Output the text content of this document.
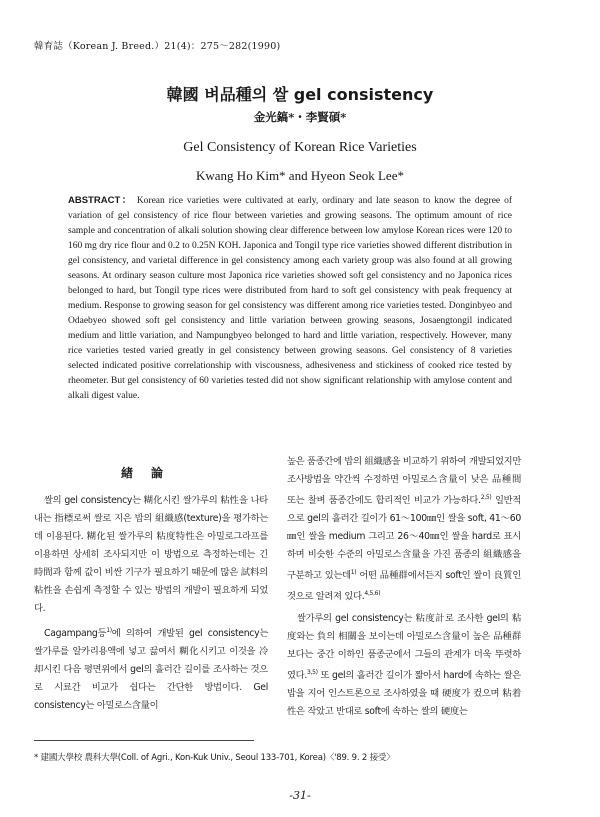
韓育誌（Korean J. Breed.）21(4)：275～282(1990)
韓國 벼品種의 쌀 gel consistency
金光鎬*・李賢碩*
Gel Consistency of Korean Rice Varieties
Kwang Ho Kim* and Hyeon Seok Lee*
ABSTRACT： Korean rice varieties were cultivated at early, ordinary and late season to know the degree of variation of gel consistency of rice flour between varieties and growing seasons. The optimum amount of rice sample and concentration of alkali solution showing clear difference between low amylose Korean rices were 120 to 160 mg dry rice flour and 0.2 to 0.25N KOH. Japonica and Tongil type rice varieties showed different distribution in gel consistency, and varietal difference in gel consistency among each variety group was also found at all growing seasons. At ordinary season culture most Japonica rice varieties showed soft gel consistency and no Japonica rices belonged to hard, but Tongil type rices were distributed from hard to soft gel consistency with peak frequency at medium. Response to growing season for gel consistency was different among rice varieties tested. Donginbyeo and Odaebyeo showed soft gel consistency and little variation between growing seasons, Josaengtongil indicated medium and little variation, and Nampungbyeo belonged to hard and little variation, respectively. However, many rice varieties tested varied greatly in gel consistency between growing seasons. Gel consistency of 8 varieties selected indicated positive correlationship with viscousness, adhesiveness and stickiness of cooked rice tested by rheometer. But gel consistency of 60 varieties tested did not show significant relationship with amylose content and alkali digest value.
緖論

쌀의 gel consistency는 糊化시킨 쌀가루의 粘性을 나타내는 指標로써 쌀로 지은 밥의 組織感(texture)을 평가하는데 이용된다. 糊化된 쌀가루의 粘度特性은 아밀로그라프를 이용하면 상세히 조사되지만 이 방법으로 측정하는데는 긴 時間과 함께 값이 비싼 기구가 필요하기 때문에 많은 試料의 粘性을 손쉽게 측정할 수 있는 방법의 개발이 필요하게 되었다.

Cagampang등$^{1)}$에 의하여 개발된 gel consistency는 쌀가루를 알카리용액에 넣고 끓여서 糊化시키고 이것을 冷却시킨 다음 평면위에서 gel의 흘러간 길이를 조사하는 것으로 시료간 비교가 쉽다는 간단한 방법이다. Gel consistency는 아밀로스含量이

높은 품종간에 밥의 組織感을 비교하기 위하여 개발되었지만 조사방법을 약간씩 수정하면 아밀로스含量이 낮은 品種間 또는 찰벼 품종간에도 합리적인 비교가 가능하다.$^{2,5)}$ 일반적으로 gel의 흘러간 길이가 61～100㎜인 쌀을 soft, 41～60㎜인 쌀을 medium 그리고 26～40㎜인 쌀을 hard로 표시하며 비슷한 수준의 아밀로스含量을 가진 품종의 組織感을 구분하고 있는데$^{1)}$ 어떤 品種群에서든지 soft인 쌀이 良質인 것으로 알려져 있다.$^{4,5,6)}$

쌀가루의 gel consistency는 粘度計로 조사한 gel의 粘度와는 負의 相關을 보이는데 아밀로스含量이 높은 品種群보다는 중간 이하인 품종군에서 그들의 관계가 더욱 뚜렷하였다.$^{3,5)}$ 또 gel의 흘러간 길이가 짧아서 hard에 속하는 쌀은 밥을 지어 인스트론으로 조사하였을 때 硬度가 컸으며 粘着性은 작았고 반대로 soft에 속하는 쌀의 硬度는

* 建國大學校 農科大學(Coll. of Agri., Kon-Kuk Univ., Seoul 133-701, Korea)〈'89. 9. 2 接受〉
-31-
